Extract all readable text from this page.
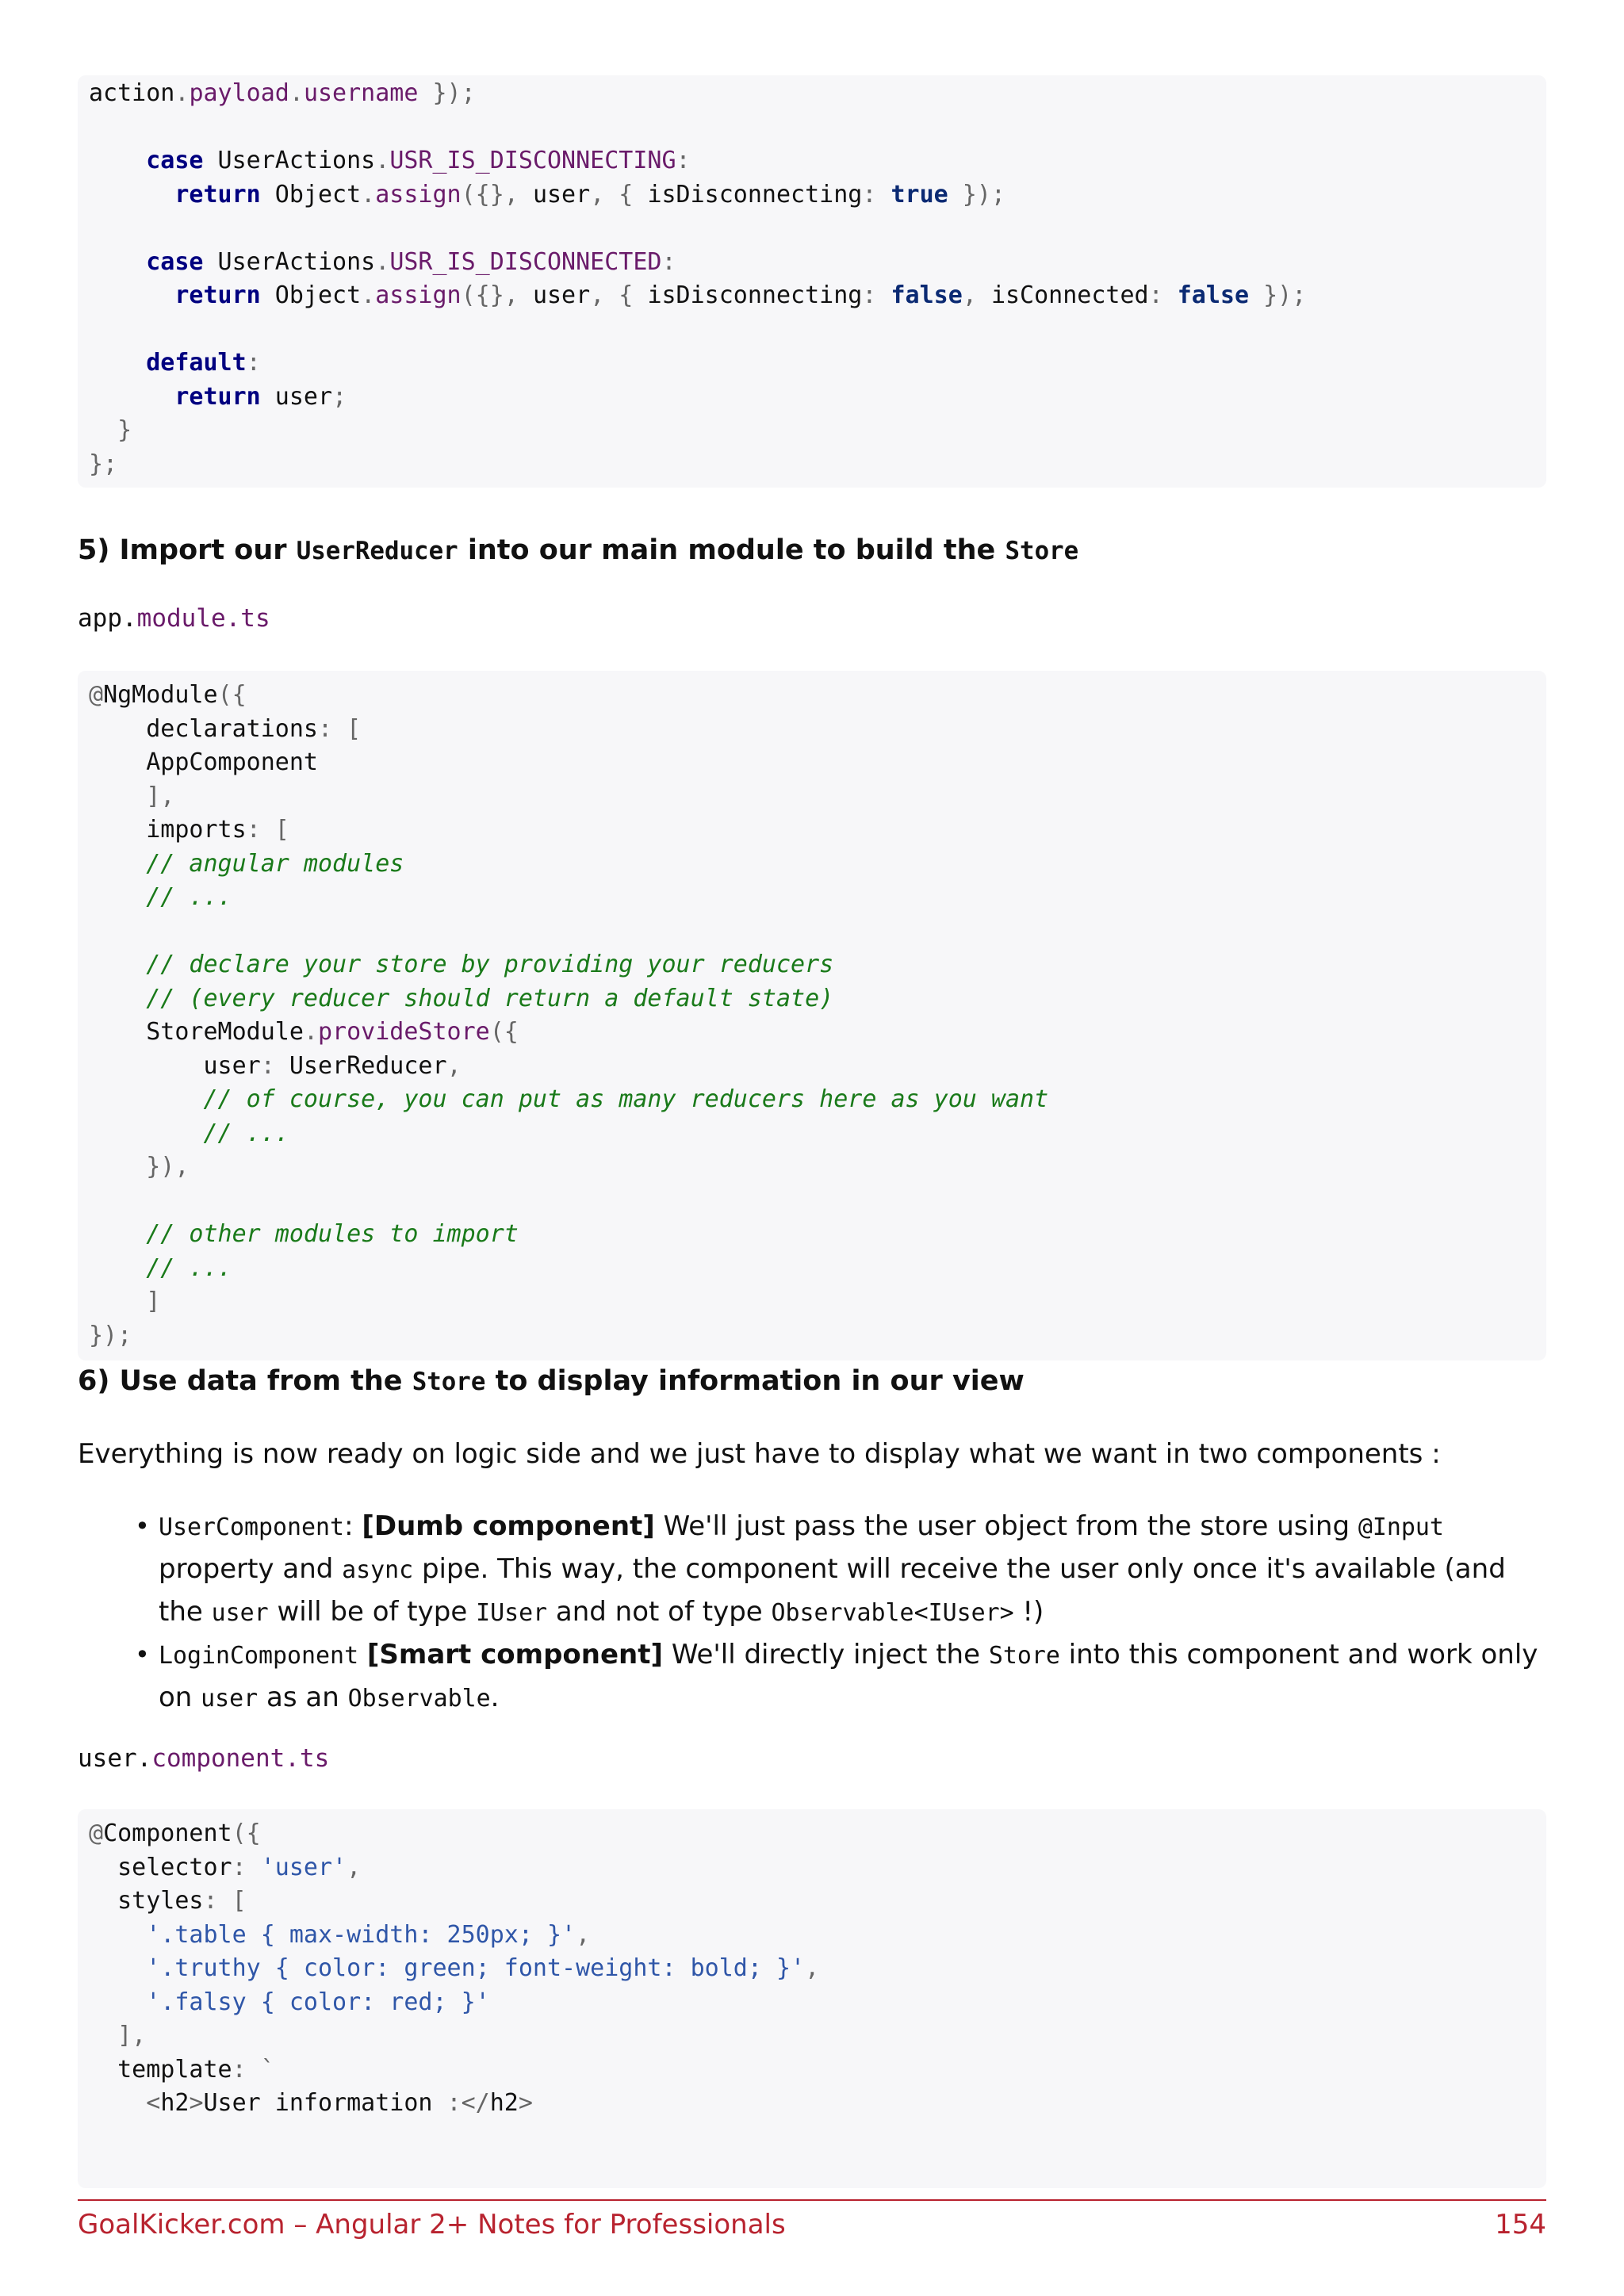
action.payload.username });
case UserActions.USR_IS_DISCONNECTING:
return Object.assign({}, user, { isDisconnecting: true });
case UserActions.USR_IS_DISCONNECTED:
return Object.assign({}, user, { isDisconnecting: false, isConnected: false });
default:
return user;
}
};
5) Import our UserReducer into our main module to build the Store
app.module.ts
@NgModule({
declarations: [
AppComponent
],
imports: [
// angular modules
// ...
// declare your store by providing your reducers
// (every reducer should return a default state)
StoreModule.provideStore({
user: UserReducer,
// of course, you can put as many reducers here as you want
// ...
}),
// other modules to import
// ...
]
});
6) Use data from the Store to display information in our view
Everything is now ready on logic side and we just have to display what we want in two components :
• UserComponent: [Dumb component] We'll just pass the user object from the store using @Input property and async pipe. This way, the component will receive the user only once it's available (and the user will be of type IUser and not of type Observable<IUser> !)
• LoginComponent [Smart component] We'll directly inject the Store into this component and work only on user as an Observable.
user.component.ts
@Component({
selector: 'user',
styles: [
'.table { max-width: 250px; }',
'.truthy { color: green; font-weight: bold; }',
'.falsy { color: red; }'
],
template: `
<h2>User information :</h2>
GoalKicker.com – Angular 2+ Notes for Professionals	154
